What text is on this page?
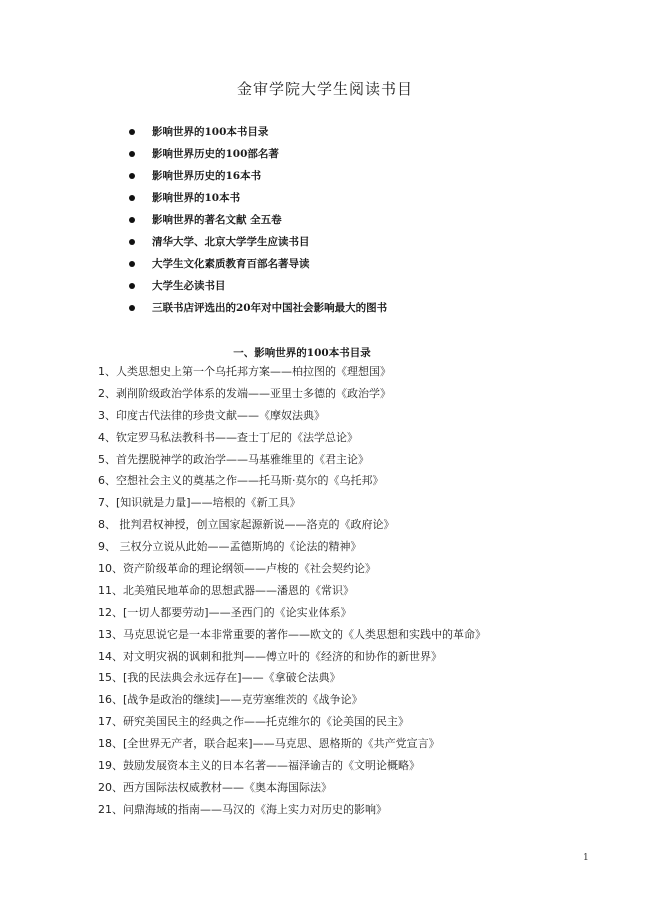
金审学院大学生阅读书目
影响世界的100本书目录
影响世界历史的100部名著
影响世界历史的16本书
影响世界的10本书
影响世界的著名文献 全五卷
清华大学、北京大学学生应读书目
大学生文化素质教育百部名著导读
大学生必读书目
三联书店评选出的20年对中国社会影响最大的图书
一、影响世界的100本书目录
1、人类思想史上第一个乌托邦方案——柏拉图的《理想国》
2、剥削阶级政治学体系的发端——亚里士多德的《政治学》
3、印度古代法律的珍贵文献——《摩奴法典》
4、钦定罗马私法教科书——查士丁尼的《法学总论》
5、首先摆脱神学的政治学——马基雅维里的《君主论》
6、空想社会主义的奠基之作——托马斯·莫尔的《乌托邦》
7、[知识就是力量]——培根的《新工具》
8、 批判君权神授，创立国家起源新说——洛克的《政府论》
9、 三权分立说从此始——孟德斯鸠的《论法的精神》
10、资产阶级革命的理论纲领——卢梭的《社会契约论》
11、北美殖民地革命的思想武器——潘恩的《常识》
12、[一切人都要劳动]——圣西门的《论实业体系》
13、马克思说它是一本非常重要的著作——欧文的《人类思想和实践中的革命》
14、对文明灾祸的讽刺和批判——傅立叶的《经济的和协作的新世界》
15、[我的民法典会永远存在]——《拿破仑法典》
16、[战争是政治的继续]——克劳塞维茨的《战争论》
17、研究美国民主的经典之作——托克维尔的《论美国的民主》
18、[全世界无产者，联合起来]——马克思、恩格斯的《共产党宣言》
19、鼓励发展资本主义的日本名著——福泽谕吉的《文明论概略》
20、西方国际法权威教材——《奥本海国际法》
21、问鼎海域的指南——马汉的《海上实力对历史的影响》
1
